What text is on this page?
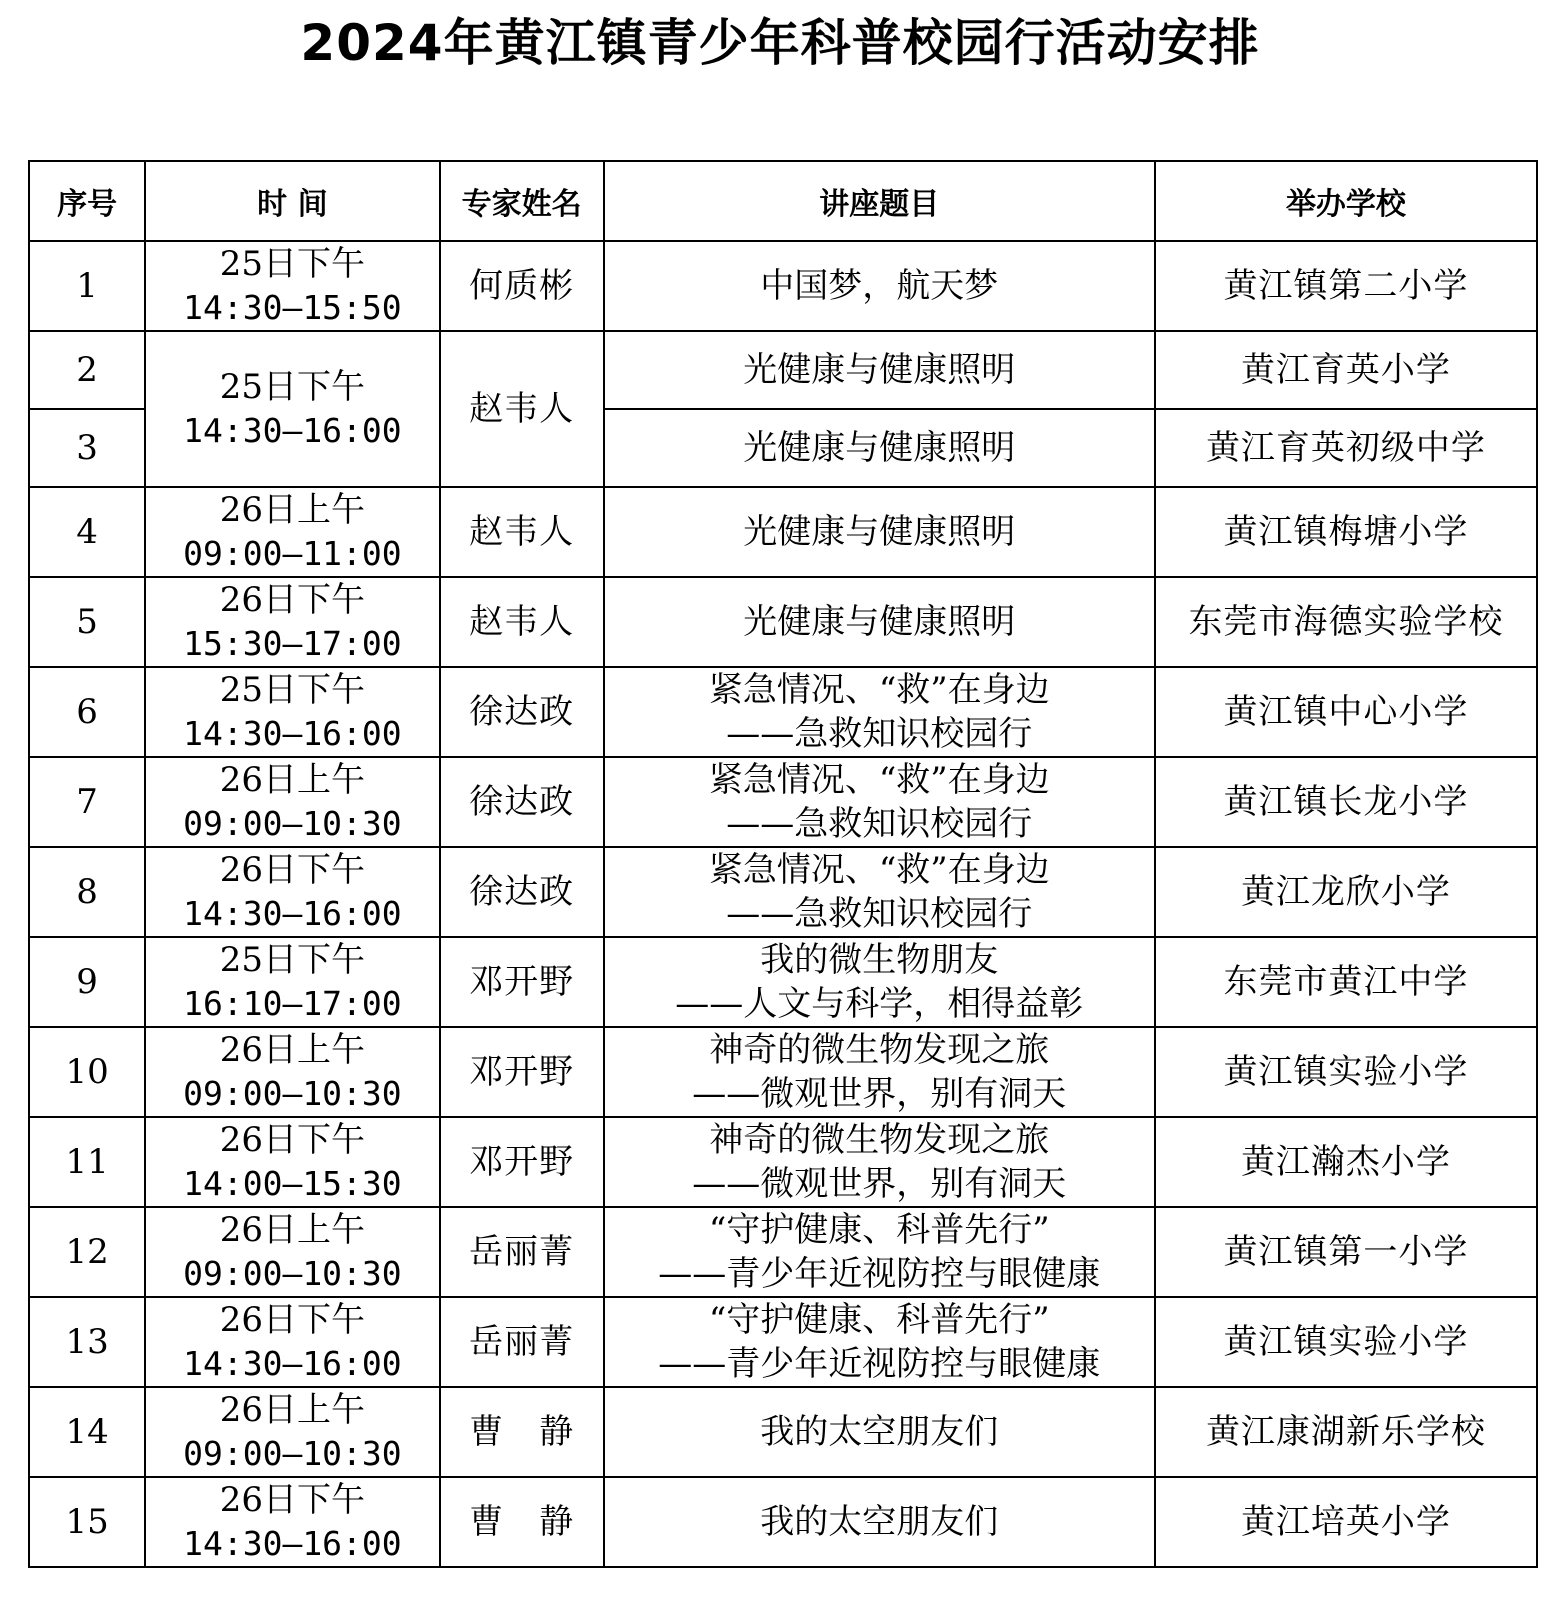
2024年黄江镇青少年科普校园行活动安排
序号	时 间	专家姓名	讲座题目	举办学校
1	25日下午
14:30—15:50	何质彬	中国梦，航天梦	黄江镇第二小学
2	25日下午
14:30—16:00	赵韦人	光健康与健康照明	黄江育英小学
3			光健康与健康照明	黄江育英初级中学
4	26日上午
09:00—11:00	赵韦人	光健康与健康照明	黄江镇梅塘小学
5	26日下午
15:30—17:00	赵韦人	光健康与健康照明	东莞市海德实验学校
6	25日下午
14:30—16:00	徐达政	紧急情况、“救”在身边
——急救知识校园行	黄江镇中心小学
7	26日上午
09:00—10:30	徐达政	紧急情况、“救”在身边
——急救知识校园行	黄江镇长龙小学
8	26日下午
14:30—16:00	徐达政	紧急情况、“救”在身边
——急救知识校园行	黄江龙欣小学
9	25日下午
16:10—17:00	邓开野	我的微生物朋友
——人文与科学，相得益彰	东莞市黄江中学
10	26日上午
09:00—10:30	邓开野	神奇的微生物发现之旅
——微观世界，别有洞天	黄江镇实验小学
11	26日下午
14:00—15:30	邓开野	神奇的微生物发现之旅
——微观世界，别有洞天	黄江瀚杰小学
12	26日上午
09:00—10:30	岳丽菁	“守护健康、科普先行”
——青少年近视防控与眼健康	黄江镇第一小学
13	26日下午
14:30—16:00	岳丽菁	“守护健康、科普先行”
——青少年近视防控与眼健康	黄江镇实验小学
14	26日上午
09:00—10:30	曹　静	我的太空朋友们	黄江康湖新乐学校
15	26日下午
14:30—16:00	曹　静	我的太空朋友们	黄江培英小学
